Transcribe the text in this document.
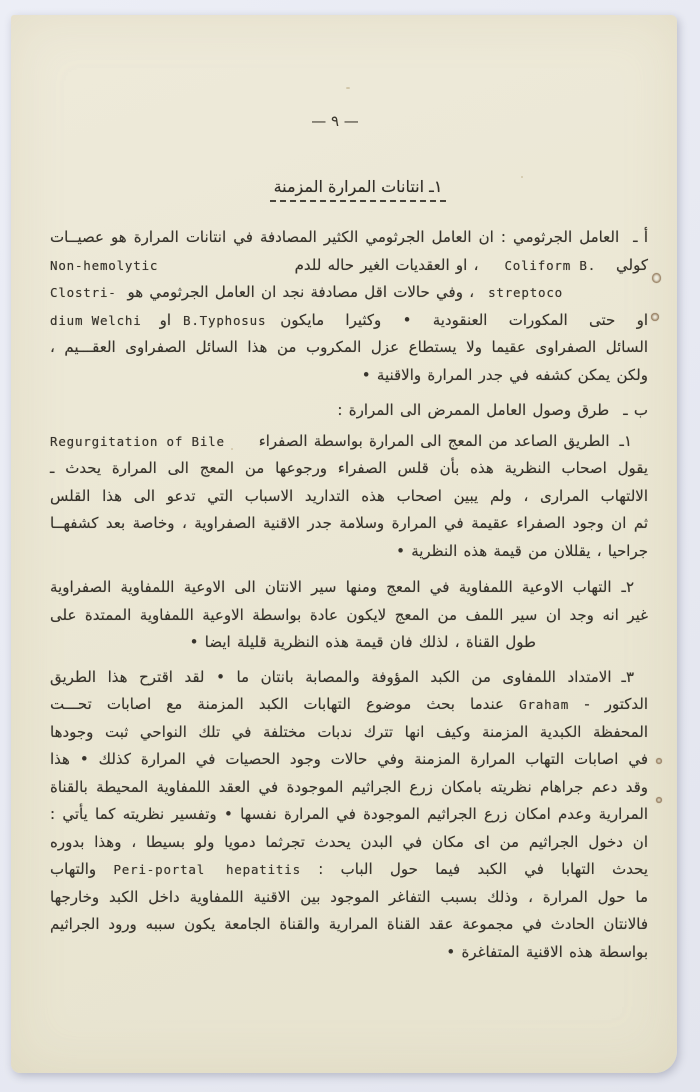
— ٩ —
١ـ انتانات المرارة المزمنة
أ ـالعامل الجرثومي : ان العامل الجرثومي الكثير المصادفة في انتانات المرارة هو عصيــات
Non-hemolytic	، او العقديات الغير حاله للدم Coliform B. كولي
Clostri- ، وفي حالات اقل مصادفة نجد ان العامل الجرثومي هو streptoco
dium Welchi او B.Typhosus او حتى المكورات العنقودية • وكثيرا مايكون
السائل الصفراوى عقيما ولا يستطاع عزل المكروب من هذا السائل الصفراوى العقـــيم ،
ولكن يمكن كشفه في جدر المرارة والاقنية •
ب ـطرق وصول العامل الممرض الى المرارة :
Regurgitation of Bile	١ـالطريق الصاعد من المعج الى المرارة بواسطة الصفراء
يقول اصحاب النظرية هذه بأن قلس الصفراء ورجوعها من المعج الى المرارة يحدث ـ
الالتهاب المرارى ، ولم يبين اصحاب هذه التداريد الاسباب التي تدعو الى هذا القلس
ثم ان وجود الصفراء عقيمة في المرارة وسلامة جدر الاقنية الصفراوية ، وخاصة بعد كشفهــا
جراحيا ، يقللان من قيمة هذه النظرية •
٢ـالتهاب الاوعية اللمفاوية في المعج ومنها سير الانتان الى الاوعية اللمفاوية الصفراوية
غير انه وجد ان سير اللمف من المعج لايكون عادة بواسطة الاوعية اللمفاوية الممتدة على
طول القناة ، لذلك فان قيمة هذه النظرية قليلة ايضا •
٣ـالامتداد اللمفاوى من الكبد المؤوفة والمصابة بانتان ما • لقد اقترح هذا الطريق
الدكتور - Graham عندما بحث موضوع التهابات الكبد المزمنة مع اصابات تحـــت
المحفظة الكبدية المزمنة وكيف انها تترك ندبات مختلفة في تلك النواحي ثبت وجودها
في اصابات التهاب المرارة المزمنة وفي حالات وجود الحصيات في المرارة كذلك • هذا
وقد دعم جراهام نظريته بامكان زرع الجراثيم الموجودة في العقد اللمفاوية المحيطة بالقناة
المرارية وعدم امكان زرع الجراثيم الموجودة في المرارة نفسها • وتفسير نظريته كما يأتي :
ان دخول الجراثيم من اى مكان في البدن يحدث تجرثما دمويا ولو بسيطا ، وهذا بدوره
يحدث التهابا في الكبد فيما حول الباب : Peri-portal hepatitis والتهاب
ما حول المرارة ، وذلك بسبب التفاغر الموجود بين الاقنية اللمفاوية داخل الكبد وخارجها
فالانتان الحادث في مجموعة عقد القناة المرارية والقناة الجامعة يكون سببه ورود الجراثيم
بواسطة هذه الاقنية المتفاغرة •
